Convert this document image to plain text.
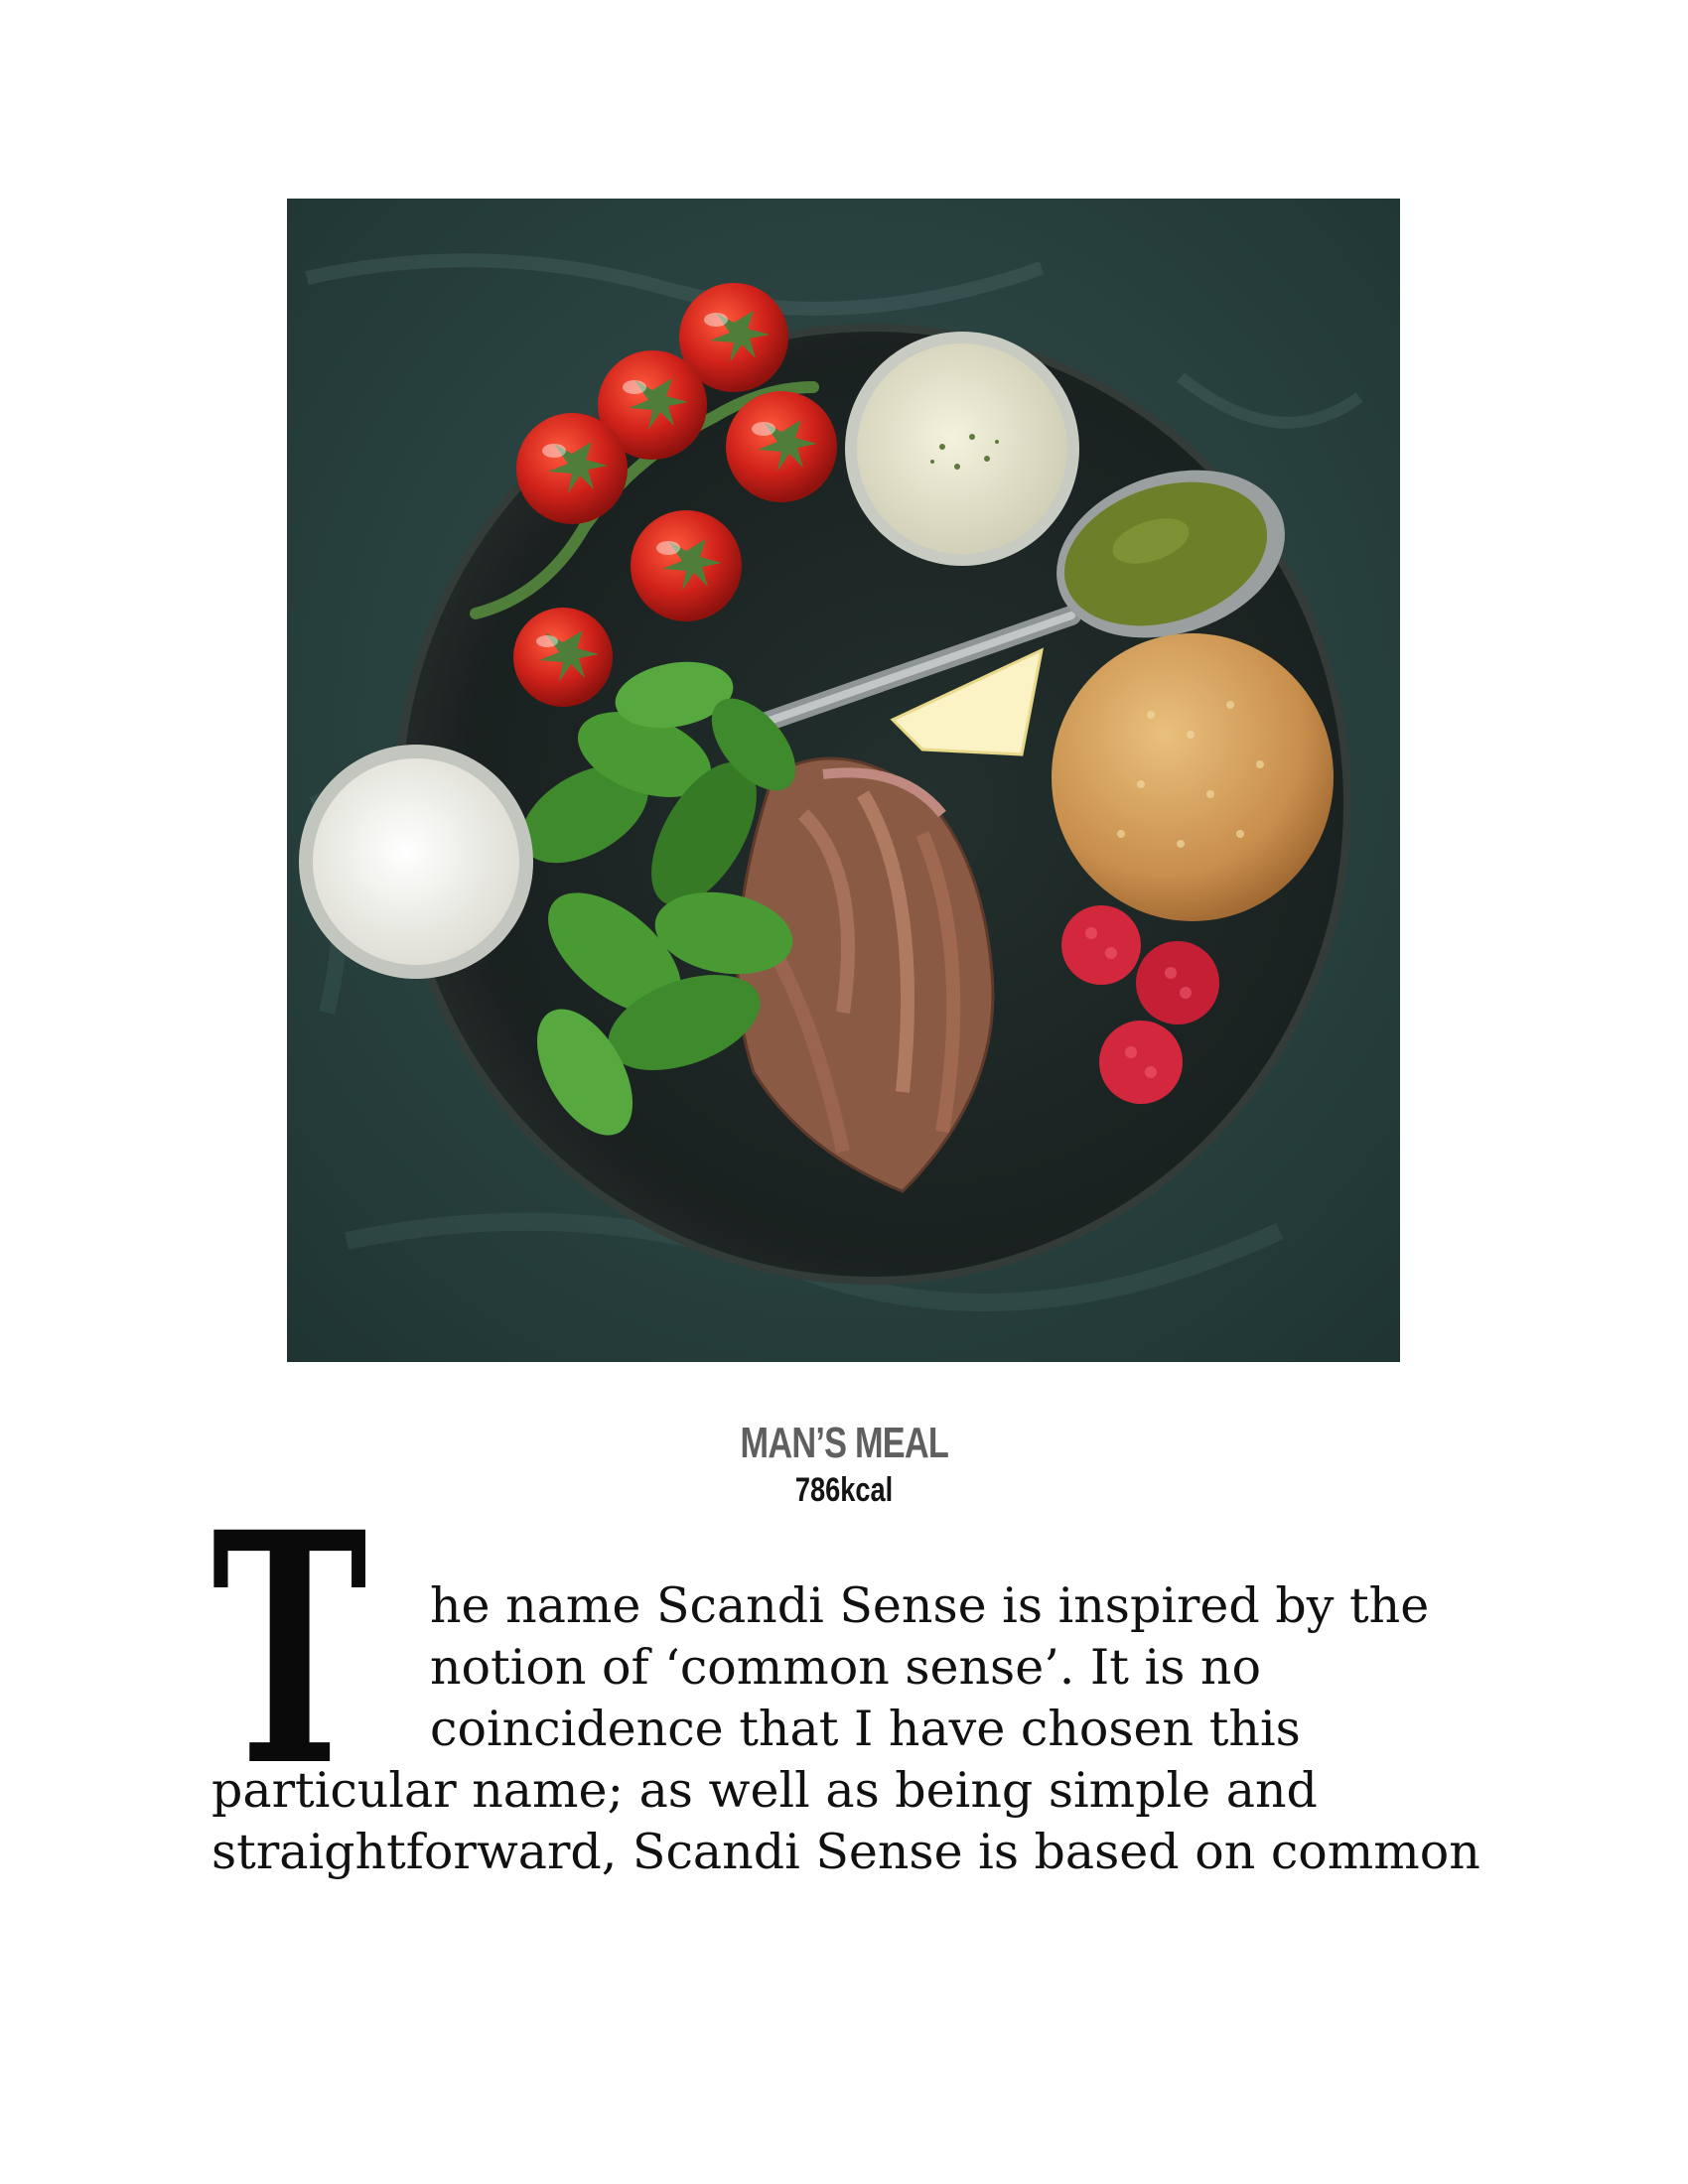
MAN’S MEAL
786kcal
T he name Scandi Sense is inspired by the
notion of ‘common sense’. It is no
coincidence that I have chosen this
particular name; as well as being simple and
straightforward, Scandi Sense is based on common
